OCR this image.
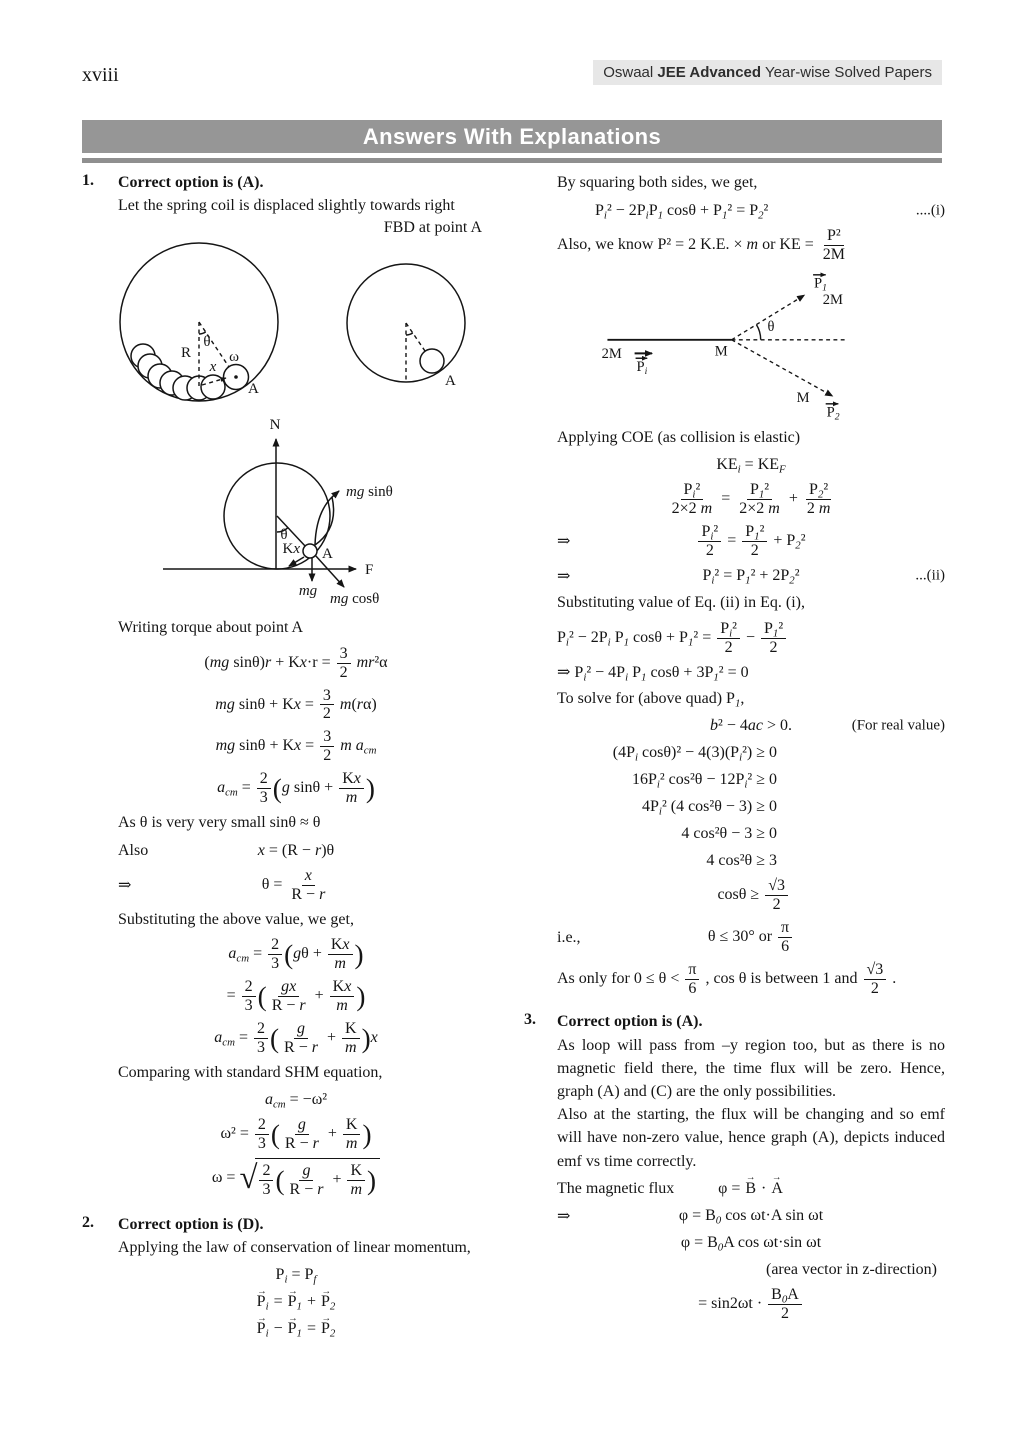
xviii	Oswaal JEE Advanced Year-wise Solved Papers
Answers With Explanations
1.	Correct option is (A).
Let the spring coil is displaced slightly towards right
FBD at point A
R
θ
x
ω
A	A
N
F
θ
A
Kx
mg mg cosθ
mg sinθ
Writing torque about point A
(mg $\sin\theta)r + Kx\cdot r = \frac{3}{2} mr^2\alpha$
mg $\sin\theta + Kx = \frac{3}{2} m(r\alpha)$
mg $\sin\theta + Kx = \frac{3}{2}$ m $a_{cm}$
$a_{cm} = \frac{2}{3} (g$ $\sin\theta + \frac{Kx}{m}$ )
As θ is very very small sinθ ≈ θ
Also	x = (R − r)θ
⇒	$\theta = \frac{x}{R - r}$
Substituting the above value, we get,
$a_{cm} = \frac{2}{3} (g\theta + \frac{Kx}{m}$ )
= $\frac{2}{3}$ ( $\frac{gx}{R - r} + \frac{Kx}{m}$ )
$a_{cm} = \frac{2}{3}$ ( $\frac{g}{R - r} + \frac{K}{m} )x$
Comparing with standard SHM equation,
$a_{cm} = -\omega^2$
$\omega^2 = \frac{2}{3}$ ( $\frac{g}{R - r} + \frac{K}{m}$ )
ω = √ $\frac{2}{3}$ ( $\frac{g}{R - r} + \frac{K}{m}$ )
2.	Correct option is (D).
Applying the law of conservation of linear momentum,
$P_i = P_f$
→
$P_i$ =
→
$P_1$ +
→
$P_2$
→
$P_i$ −
→
$P_1$ =
→
$P_2$
By squaring both sides, we get,
$P_i^2 - 2P_iP_1$ $\cos\theta + P_1^2 = P_2^2$	....(i)
Also, we know P² = 2 K.E. × m or KE = $\frac{\text{P²}}{2M}$
θ
2M
$P_i$
M
$P_1$
2M
M
$P_2$
Applying COE (as collision is elastic)
$KE_i = KE_F$
$\frac{P_i^2}{2\times 2 m} = \frac{P_1^2}{2\times 2 m} + \frac{P_2^2}{2 m}$
⇒	$\frac{P_i^2}{2} = \frac{P_1^2}{2} + P_2^2$
⇒	$P_i^2 = P_1^2 + 2P_2^2$	...(ii)
Substituting value of Eq. (ii) in Eq. (i),
$P_i^2 - 2P_i$ $P_1$ $\cos\theta + P_1^2 = \frac{P_i^2}{2} - \frac{P_1^2}{2}$
⇒ $P_i^2 - 4P_i$ $P_1$ $\cos\theta + 3P_1^2 = 0$
To solve for (above quad) $P_1$,
b² − 4ac > 0.	(For real value)
($4P_i$ $\cos\theta)^2 - 4(3)(P_i^2) \ge 0$
$16P_i^2$ $\cos^2\theta - 12P_i^2 \ge 0$
$4P_i^2$ (4 cos²θ − 3) ≥ 0
4 cos²θ − 3 ≥ 0
4 cos²θ ≥ 3
$\cos\theta \ge \frac{√3}{2}$
i.e.,	θ ≤ 30° or $\frac{\pi}{6}$
As only for $0 \le \theta < \frac{\pi}{6}$ , cos θ is between 1 and $\frac{√3}{2}$ .
3.	Correct option is (A).
As loop will pass from –y region too, but as there is no magnetic field there, the time flux will be zero. Hence, graph (A) and (C) are the only possibilities.
Also at the starting, the flux will be changing and so emf will have non-zero value, hence graph (A), depicts induced emf vs time correctly.
The magnetic flux	φ =
→
B ·
→
A
⇒	$\varphi = B_0$ cos ωt·A sin ωt
$\varphi = B_0A$ cos ωt·sin ωt
(area vector in z-direction)
= $\sin 2\omega t \cdot \frac{B_0A}{2}$
